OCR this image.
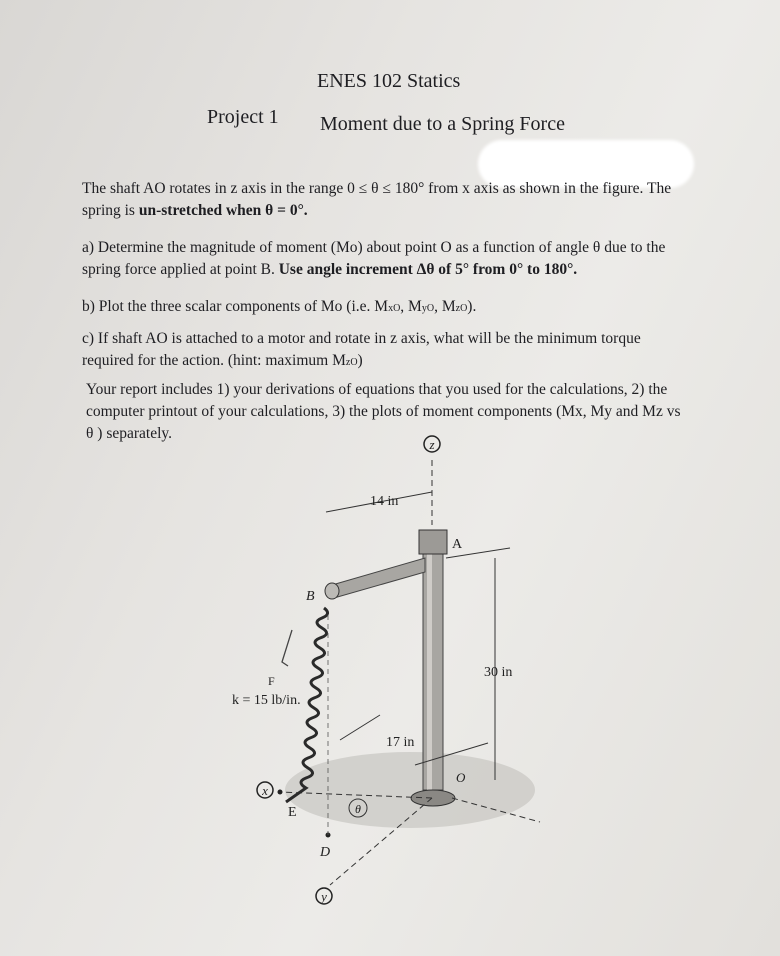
ENES 102 Statics
Project 1 Moment due to a Spring Force
The shaft AO rotates in z axis in the range 0 ≤ θ ≤ 180° from x axis as shown in the figure. The
spring is un-stretched when θ = 0°.
a) Determine the magnitude of moment (Mo) about point O as a function of angle θ due to the
spring force applied at point B. Use angle increment Δθ of 5° from 0° to 180°.
b) Plot the three scalar components of Mo (i.e. MxO, MyO, MzO).
c) If shaft AO is attached to a motor and rotate in z axis, what will be the minimum torque
required for the action. (hint: maximum MzO)
Your report includes 1) your derivations of equations that you used for the calculations, 2) the
computer printout of your calculations, 3) the plots of moment components (Mx, My and Mz vs
θ ) separately.
z
14 in
A
B
O
30 in
17 in
y
x
θ
D
E
F
k = 15 lb/in.
